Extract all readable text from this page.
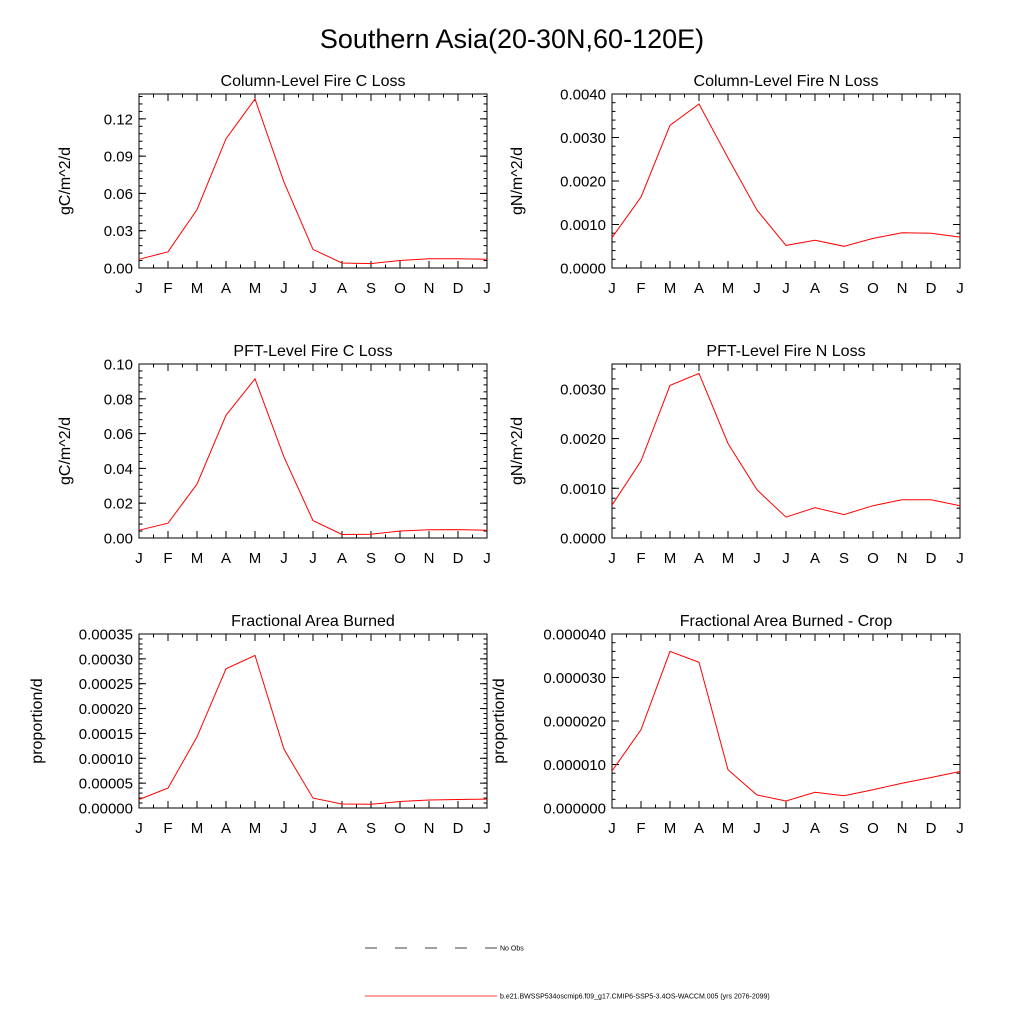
Southern Asia(20-30N,60-120E)
Column-Level Fire C Loss
J F M A M J J A S O N D J
0.00
0.03
0.06
0.09
0.12
gC/m^2/d
Column-Level Fire N Loss
J F M A M J J A S O N D J
0.0000
0.0010
0.0020
0.0030
0.0040
gN/m^2/d
PFT-Level Fire C Loss
J F M A M J J A S O N D J
0.00
0.02
0.04
0.06
0.08
0.10
gC/m^2/d
PFT-Level Fire N Loss
J F M A M J J A S O N D J
0.0000
0.0010
0.0020
0.0030
gN/m^2/d
Fractional Area Burned
J F M A M J J A S O N D J
0.00000
0.00005
0.00010
0.00015
0.00020
0.00025
0.00030
0.00035
proportion/d
Fractional Area Burned - Crop
J F M A M J J A S O N D J
0.000000
0.000010
0.000020
0.000030
0.000040
proportion/d
No Obs
b.e21.BWSSP534oscmip6.f09_g17.CMIP6-SSP5-3.4OS-WACCM.005 (yrs 2076-2099)
